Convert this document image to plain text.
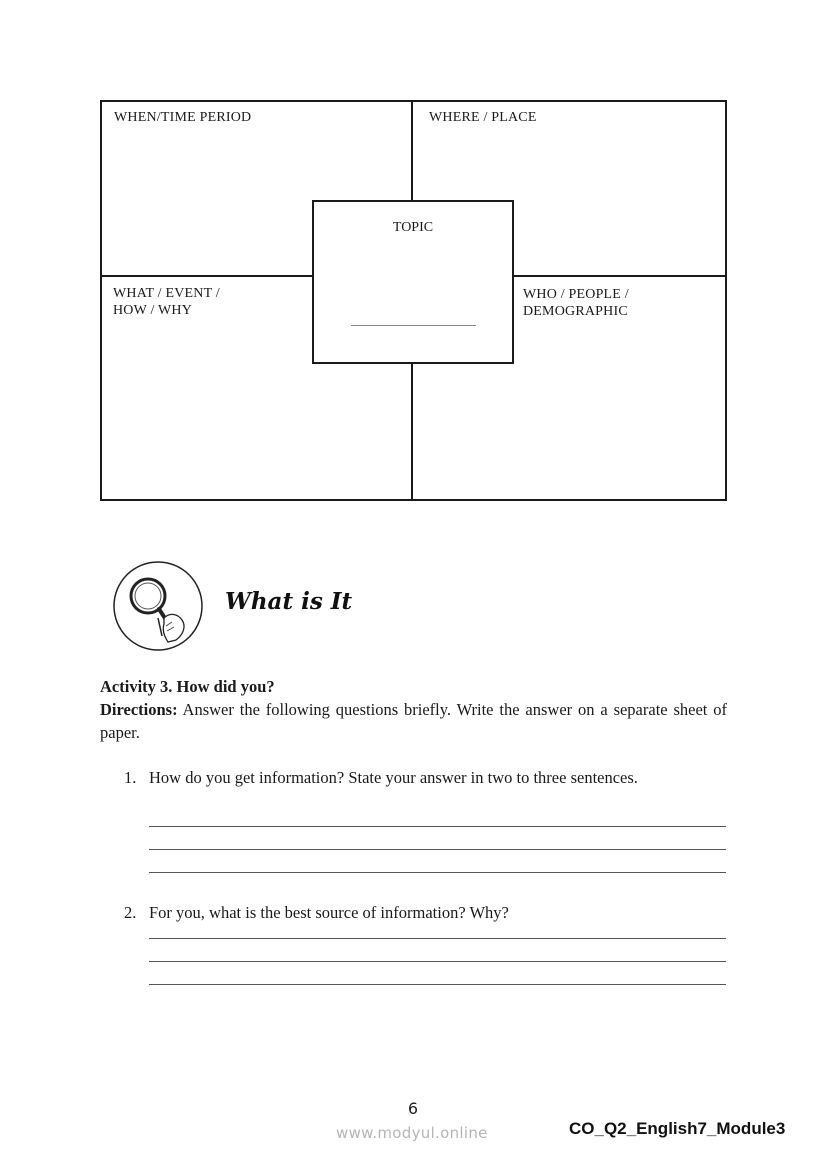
WHEN/TIME PERIOD	WHERE / PLACE
WHAT / EVENT /
HOW / WHY
WHO / PEOPLE /
DEMOGRAPHIC
TOPIC
What is It
Activity 3. How did you?
Directions: Answer the following questions briefly. Write the answer on a separate sheet of paper.
1. How do you get information? State your answer in two to three sentences.
2. For you, what is the best source of information? Why?
6
www.modyul.online	CO_Q2_English7_Module3
